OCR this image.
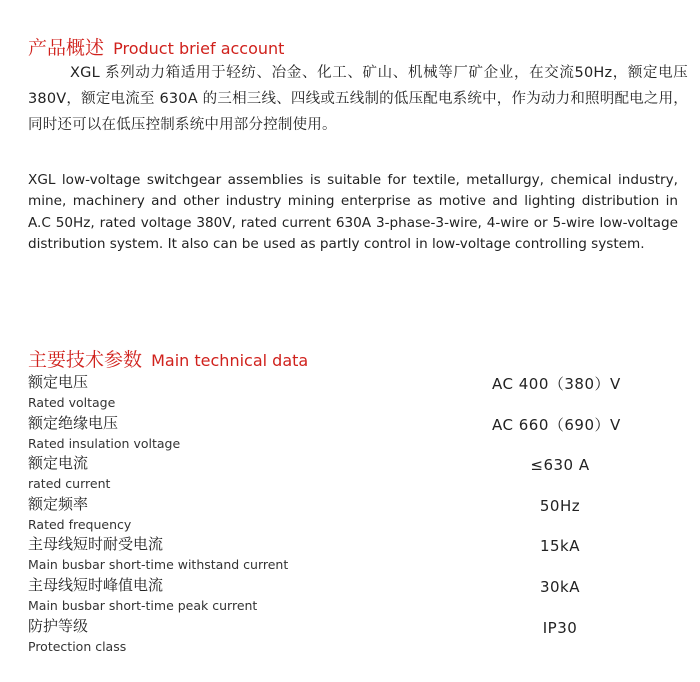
产品概述 Product brief account
XGL 系列动力箱适用于轻纺、冶金、化工、矿山、机械等厂矿企业，在交流50Hz，额定电压 380V，额定电流至 630A 的三相三线、四线或五线制的低压配电系统中，作为动力和照明配电之用，同时还可以在低压控制系统中用部分控制使用。
XGL low-voltage switchgear assemblies is suitable for textile, metallurgy, chemical industry, mine, machinery and other industry mining enterprise as motive and lighting distribution in A.C 50Hz, rated voltage 380V, rated current 630A 3-phase-3-wire, 4-wire or 5-wire low-voltage distribution system. It also can be used as partly control in low-voltage controlling system.
主要技术参数 Main technical data
额定电压
Rated voltage
AC 400（380）V
额定绝缘电压
Rated insulation voltage
AC 660（690）V
额定电流
rated current
≤630 A
额定频率
Rated frequency
50Hz
主母线短时耐受电流
Main busbar short-time withstand current
15kA
主母线短时峰值电流
Main busbar short-time peak current
30kA
防护等级
Protection class
IP30
